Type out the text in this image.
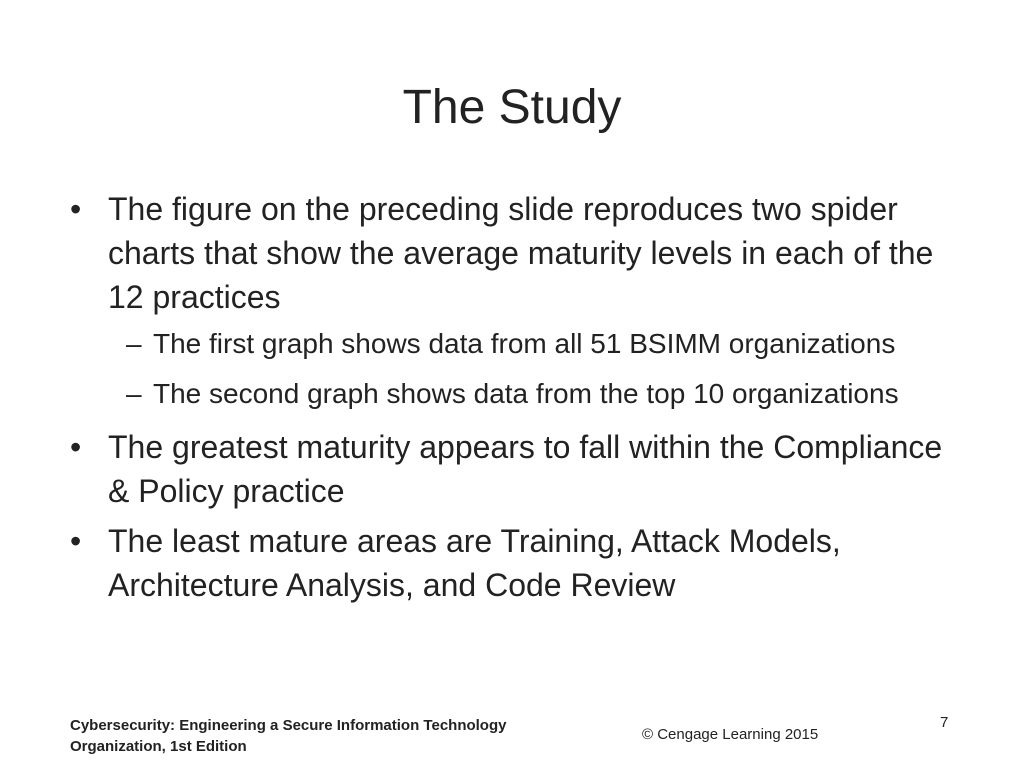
The Study
• The figure on the preceding slide reproduces two spider charts that show the average maturity levels in each of the 12 practices
– The first graph shows data from all 51 BSIMM organizations
– The second graph shows data from the top 10 organizations
• The greatest maturity appears to fall within the Compliance & Policy practice
• The least mature areas are Training, Attack Models, Architecture Analysis, and Code Review
Cybersecurity: Engineering a Secure Information Technology
Organization, 1st Edition
© Cengage Learning 2015
7
